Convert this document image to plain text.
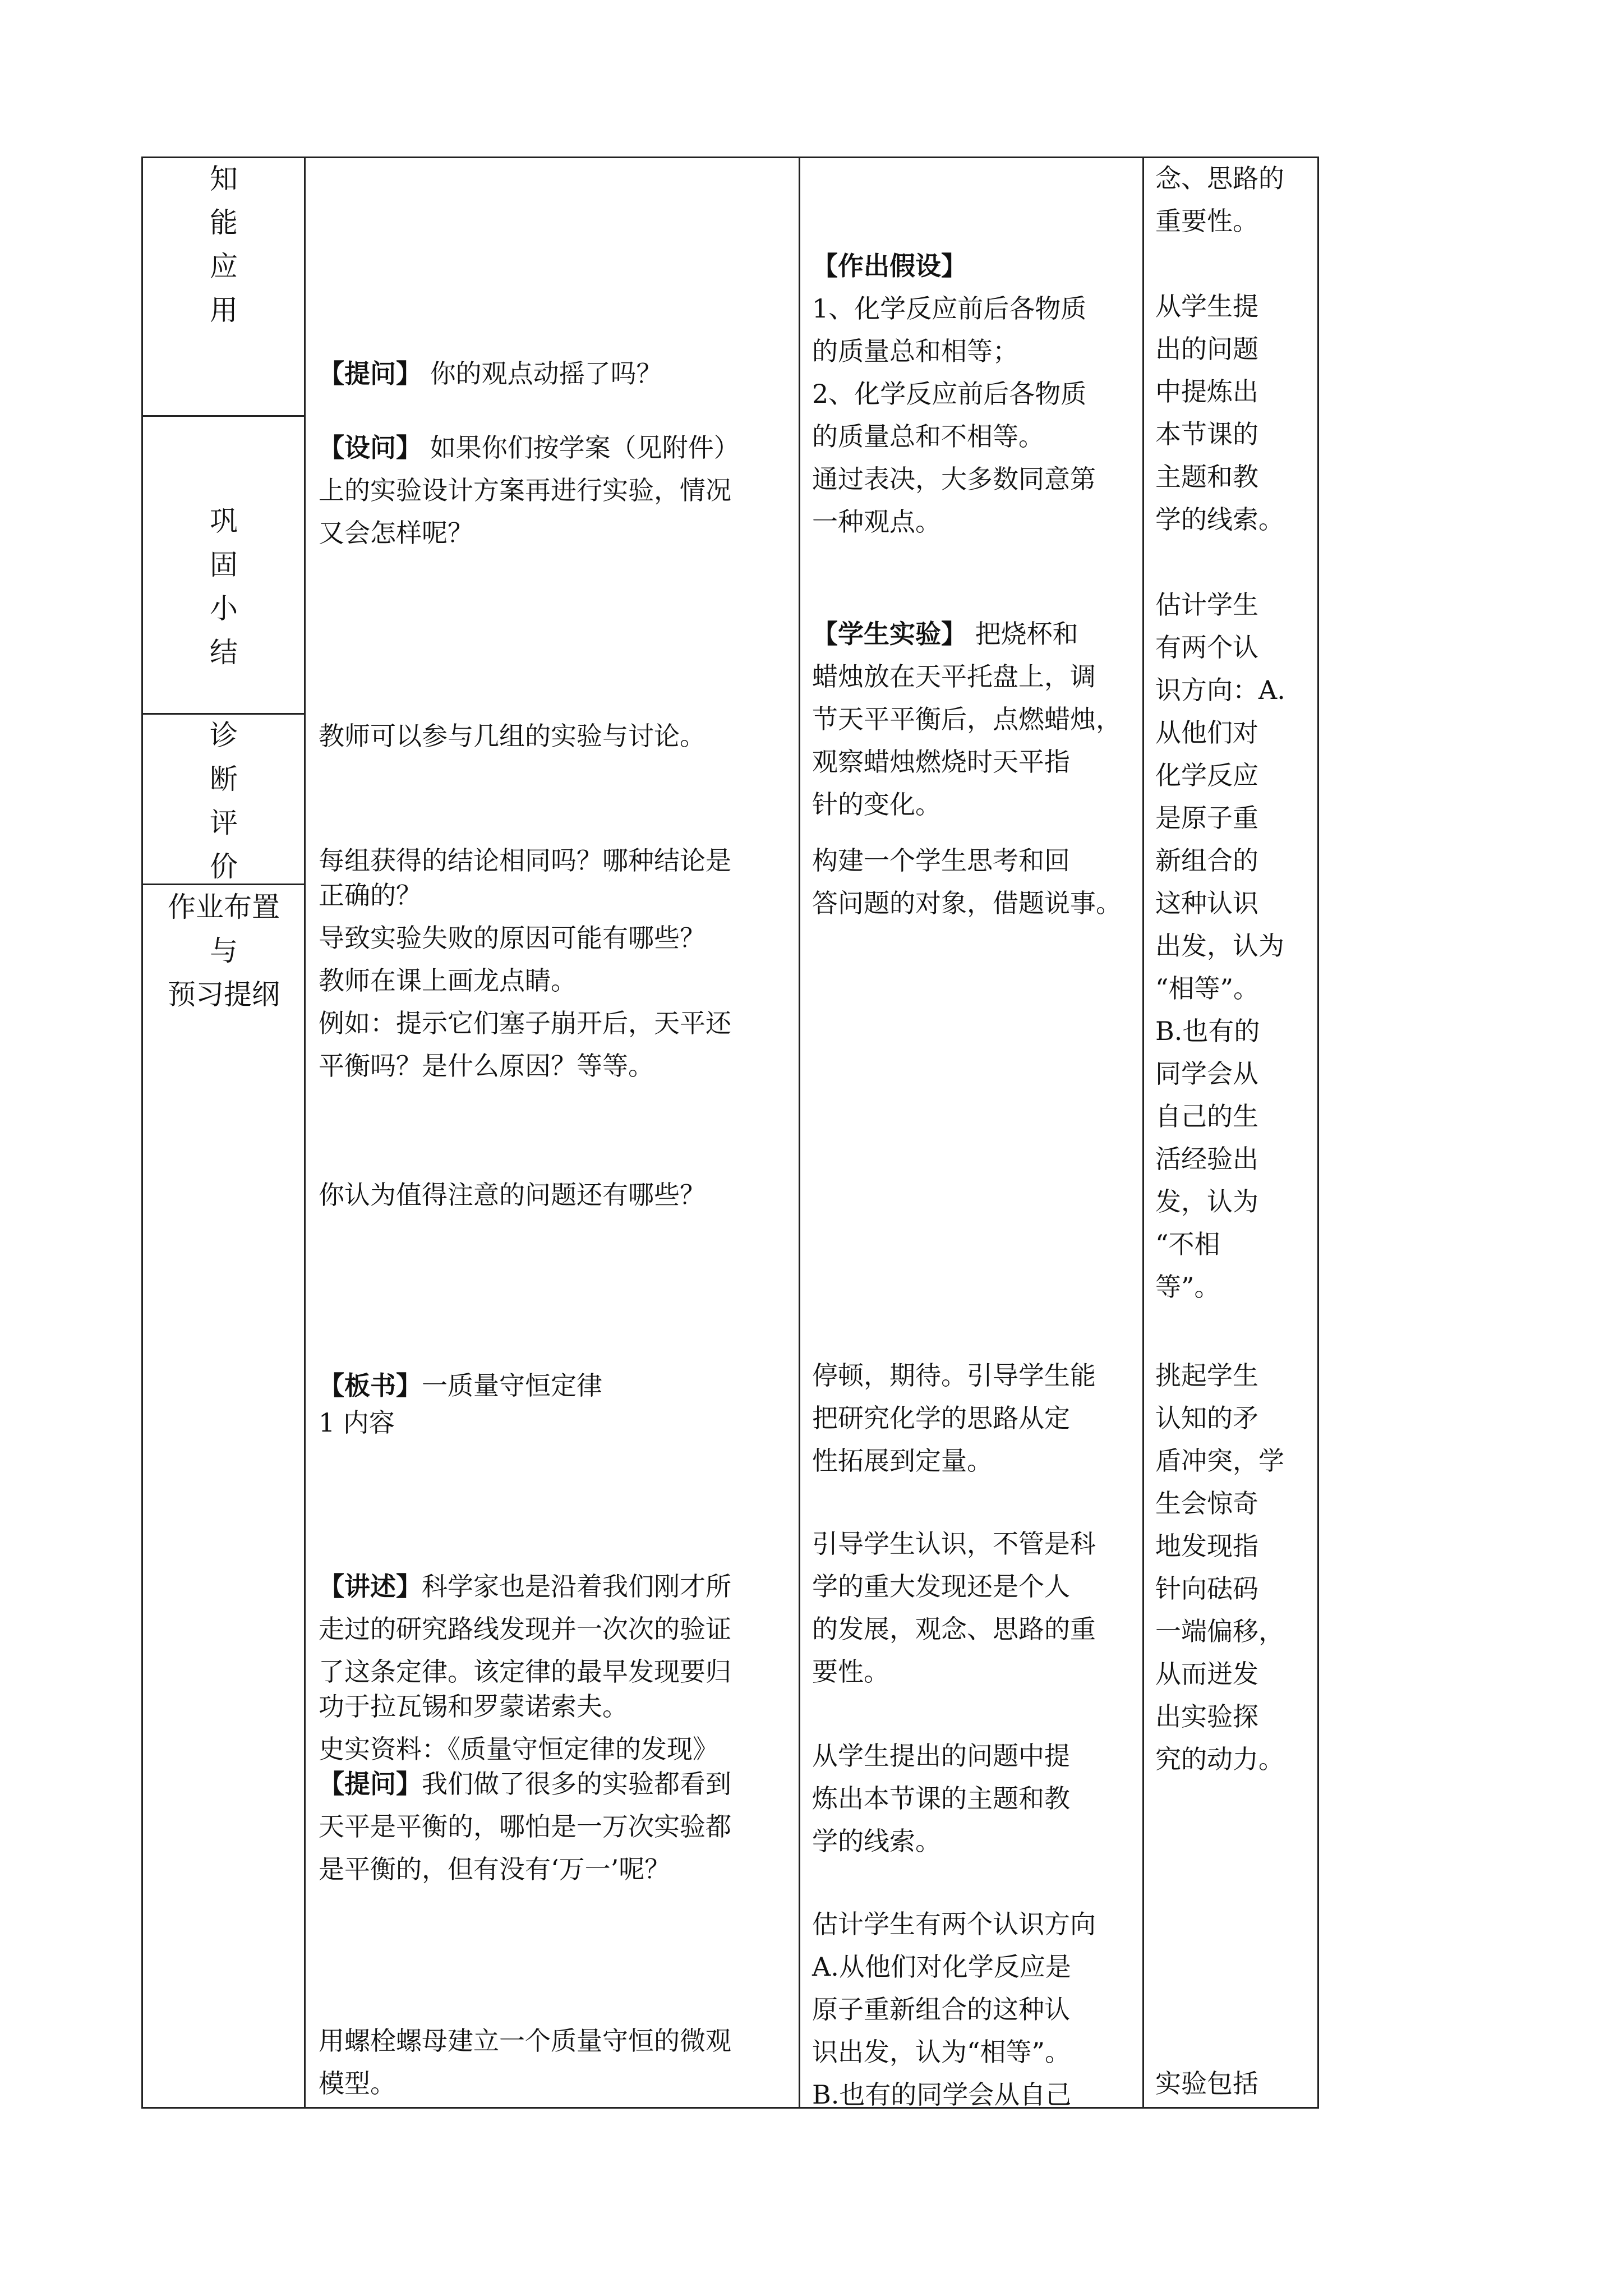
知
能
应
用
巩
固
小
结
诊
断
评
价
作业布置
与
预习提纲
【提问】 你的观点动摇了吗？
【设问】 如果你们按学案（见附件）
上的实验设计方案再进行实验，情况
又会怎样呢？
教师可以参与几组的实验与讨论。
每组获得的结论相同吗？哪种结论是
正确的？
导致实验失败的原因可能有哪些？
教师在课上画龙点睛。
例如：提示它们塞子崩开后，天平还
平衡吗？是什么原因？等等。
你认为值得注意的问题还有哪些？
【板书】一质量守恒定律
1 内容
【讲述】科学家也是沿着我们刚才所
走过的研究路线发现并一次次的验证
了这条定律。该定律的最早发现要归
功于拉瓦锡和罗蒙诺索夫。
史实资料：《质量守恒定律的发现》
【提问】我们做了很多的实验都看到
天平是平衡的，哪怕是一万次实验都
是平衡的，但有没有‘万一’呢？
用螺栓螺母建立一个质量守恒的微观
模型。
【作出假设】
1、化学反应前后各物质
的质量总和相等；
2、化学反应前后各物质
的质量总和不相等。
通过表决，大多数同意第
一种观点。
【学生实验】 把烧杯和
蜡烛放在天平托盘上，调
节天平平衡后，点燃蜡烛，
观察蜡烛燃烧时天平指
针的变化。
构建一个学生思考和回
答问题的对象，借题说事。
停顿，期待。引导学生能
把研究化学的思路从定
性拓展到定量。
引导学生认识，不管是科
学的重大发现还是个人
的发展，观念、思路的重
要性。
从学生提出的问题中提
炼出本节课的主题和教
学的线索。
估计学生有两个认识方向
A.从他们对化学反应是
原子重新组合的这种认
识出发，认为“相等”。
B.也有的同学会从自己
念、思路的
重要性。
从学生提
出的问题
中提炼出
本节课的
主题和教
学的线索。
估计学生
有两个认
识方向：A.
从他们对
化学反应
是原子重
新组合的
这种认识
出发，认为
“相等”。
B.也有的
同学会从
自己的生
活经验出
发，认为
“不相
等”。
挑起学生
认知的矛
盾冲突，学
生会惊奇
地发现指
针向砝码
一端偏移，
从而迸发
出实验探
究的动力。
实验包括
